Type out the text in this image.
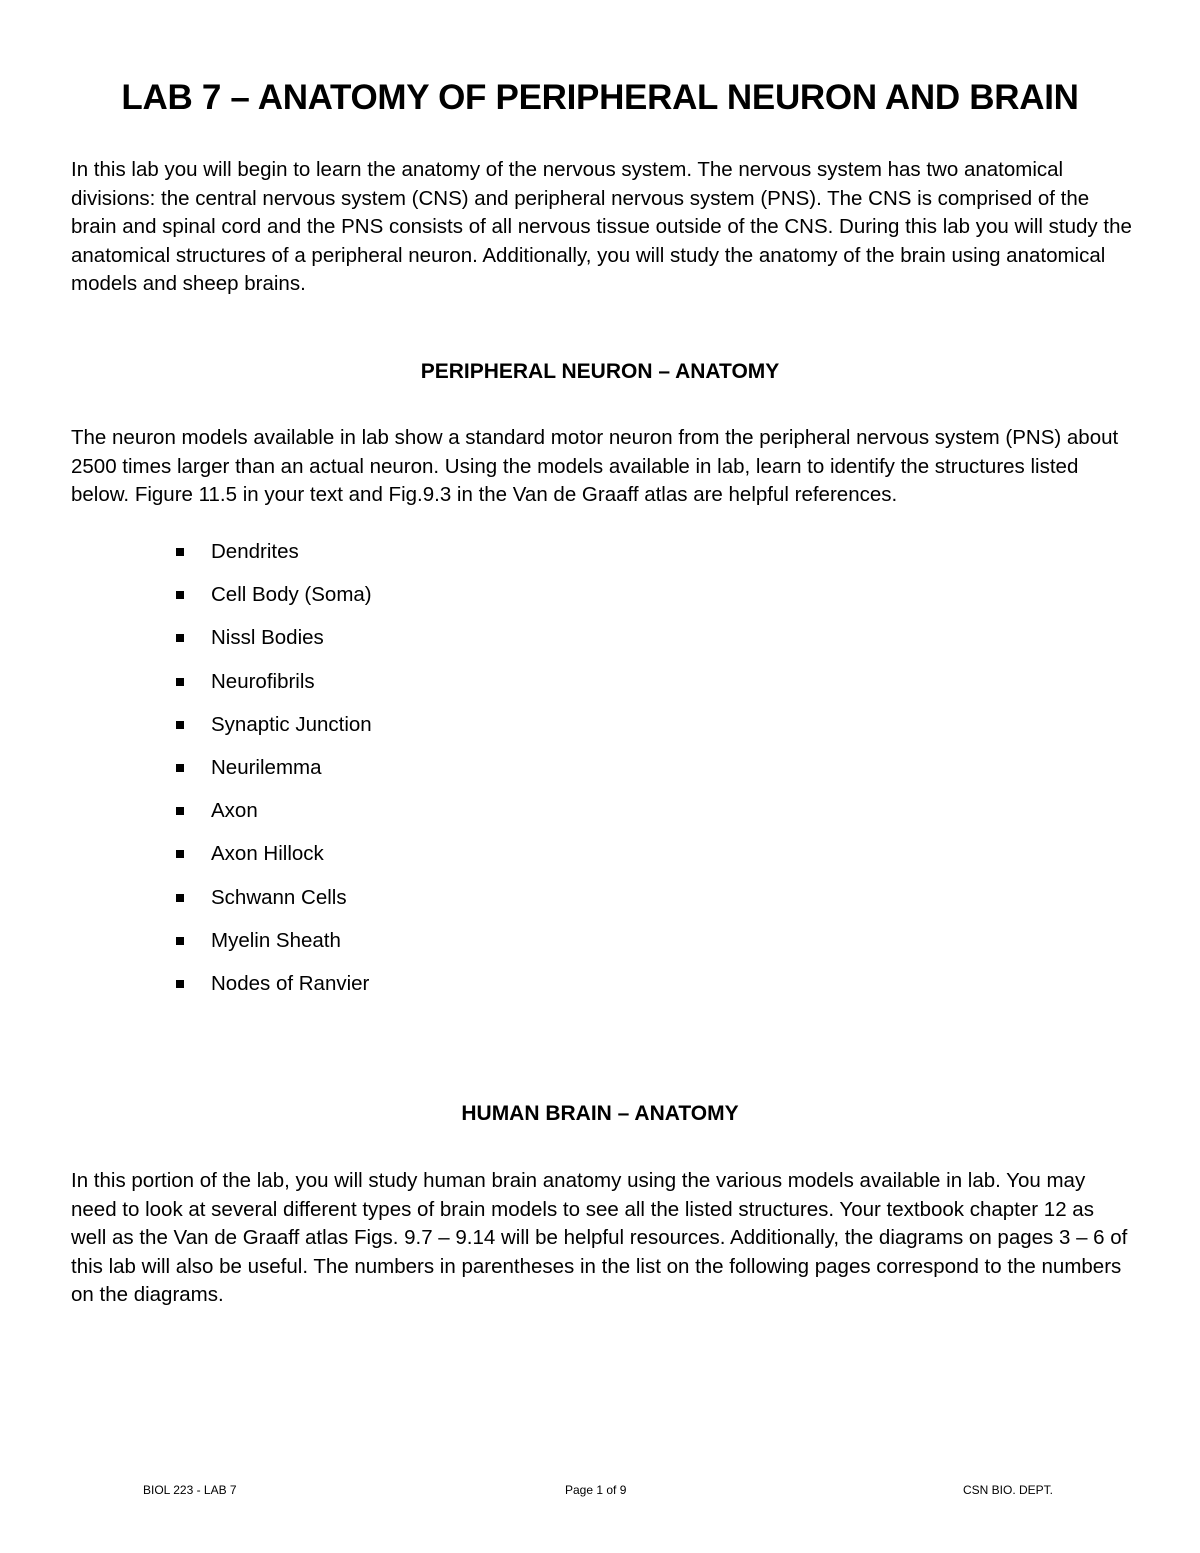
LAB 7 – ANATOMY OF PERIPHERAL NEURON AND BRAIN

In this lab you will begin to learn the anatomy of the nervous system. The nervous system has two anatomical divisions: the central nervous system (CNS) and peripheral nervous system (PNS). The CNS is comprised of the brain and spinal cord and the PNS consists of all nervous tissue outside of the CNS. During this lab you will study the anatomical structures of a peripheral neuron. Additionally, you will study the anatomy of the brain using anatomical models and sheep brains.

PERIPHERAL NEURON – ANATOMY

The neuron models available in lab show a standard motor neuron from the peripheral nervous system (PNS) about 2500 times larger than an actual neuron. Using the models available in lab, learn to identify the structures listed below. Figure 11.5 in your text and Fig.9.3 in the Van de Graaff atlas are helpful references.

Dendrites
Cell Body (Soma)
Nissl Bodies
Neurofibrils
Synaptic Junction
Neurilemma
Axon
Axon Hillock
Schwann Cells
Myelin Sheath
Nodes of Ranvier
HUMAN BRAIN – ANATOMY

In this portion of the lab, you will study human brain anatomy using the various models available in lab. You may need to look at several different types of brain models to see all the listed structures. Your textbook chapter 12 as well as the Van de Graaff atlas Figs. 9.7 – 9.14 will be helpful resources. Additionally, the diagrams on pages 3 – 6 of this lab will also be useful. The numbers in parentheses in the list on the following pages correspond to the numbers on the diagrams.

BIOL 223 - LAB 7	Page 1 of 9	CSN BIO. DEPT.
